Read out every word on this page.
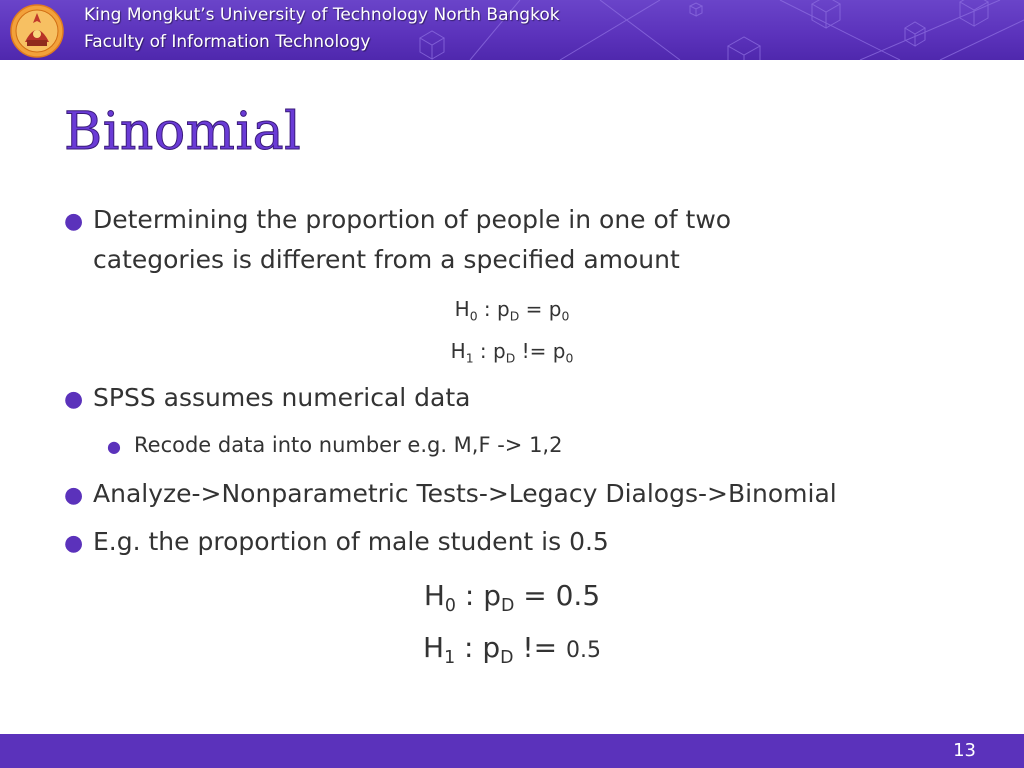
King Mongkut’s University of Technology North Bangkok
Faculty of Information Technology
Binomial
● Determining the proportion of people in one of two
categories is different from a specified amount
$H_0$ : $p_D = p_0$
$H_1$ : $p_D$ != $p_0$
● SPSS assumes numerical data
● Recode data into number e.g. M,F -> 1,2
● Analyze->Nonparametric Tests->Legacy Dialogs->Binomial
● E.g. the proportion of male student is 0.5
$H_0$ : $p_D = 0.5$
$H_1$ : $p_D$ != 0.5
13
